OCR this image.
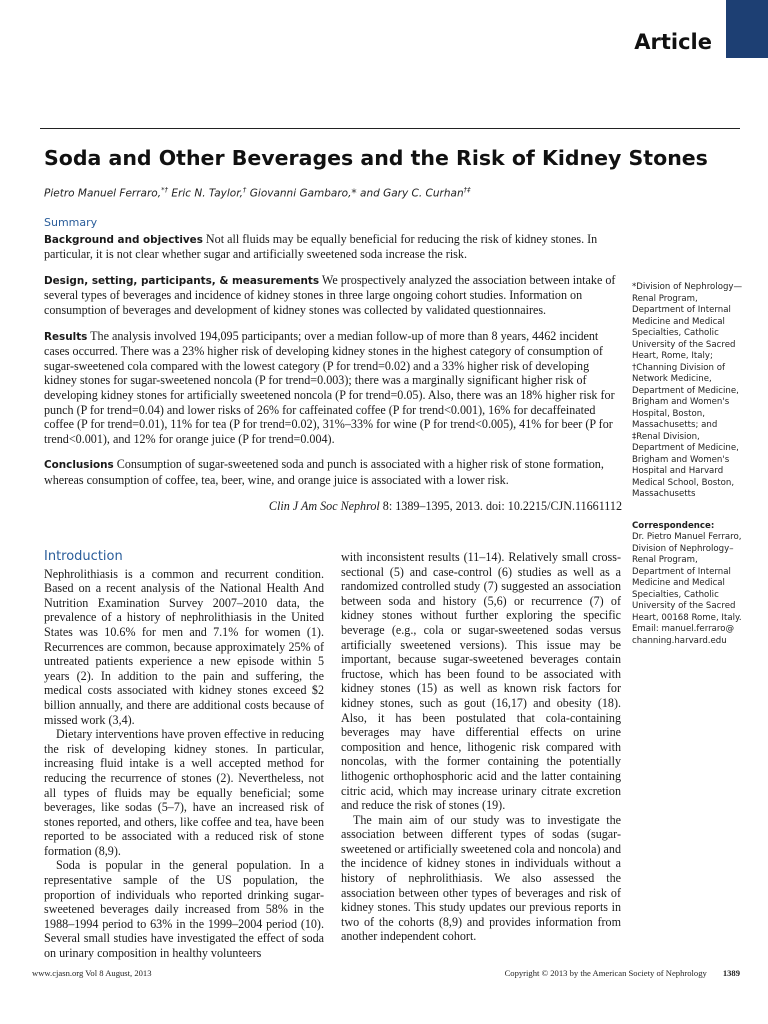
Article
Soda and Other Beverages and the Risk of Kidney Stones
Pietro Manuel Ferraro,*† Eric N. Taylor,† Giovanni Gambaro,* and Gary C. Curhan†‡
Summary

Background and objectives Not all fluids may be equally beneficial for reducing the risk of kidney stones. In particular, it is not clear whether sugar and artificially sweetened soda increase the risk.

Design, setting, participants, & measurements We prospectively analyzed the association between intake of several types of beverages and incidence of kidney stones in three large ongoing cohort studies. Information on consumption of beverages and development of kidney stones was collected by validated questionnaires.

Results The analysis involved 194,095 participants; over a median follow-up of more than 8 years, 4462 incident cases occurred. There was a 23% higher risk of developing kidney stones in the highest category of consumption of sugar-sweetened cola compared with the lowest category (P for trend=0.02) and a 33% higher risk of developing kidney stones for sugar-sweetened noncola (P for trend=0.003); there was a marginally significant higher risk of developing kidney stones for artificially sweetened noncola (P for trend=0.05). Also, there was an 18% higher risk for punch (P for trend=0.04) and lower risks of 26% for caffeinated coffee (P for trend<0.001), 16% for decaffeinated coffee (P for trend=0.01), 11% for tea (P for trend=0.02), 31%–33% for wine (P for trend<0.005), 41% for beer (P for trend<0.001), and 12% for orange juice (P for trend=0.004).

Conclusions Consumption of sugar-sweetened soda and punch is associated with a higher risk of stone formation, whereas consumption of coffee, tea, beer, wine, and orange juice is associated with a lower risk.

Clin J Am Soc Nephrol 8: 1389–1395, 2013. doi: 10.2215/CJN.11661112

*Division of Nephrology—Renal Program, Department of Internal Medicine and Medical Specialties, Catholic University of the Sacred Heart, Rome, Italy; †Channing Division of Network Medicine, Department of Medicine, Brigham and Women's Hospital, Boston, Massachusetts; and ‡Renal Division, Department of Medicine, Brigham and Women's Hospital and Harvard Medical School, Boston, Massachusetts

Correspondence:
Dr. Pietro Manuel Ferraro, Division of Nephrology–Renal Program, Department of Internal Medicine and Medical Specialties, Catholic University of the Sacred Heart, 00168 Rome, Italy. Email: manuel.ferraro@ channing.harvard.edu

Introduction

Nephrolithiasis is a common and recurrent condition. Based on a recent analysis of the National Health And Nutrition Examination Survey 2007–2010 data, the prevalence of a history of nephrolithiasis in the United States was 10.6% for men and 7.1% for women (1). Recurrences are common, because approximately 25% of untreated patients experience a new episode within 5 years (2). In addition to the pain and suffering, the medical costs associated with kidney stones exceed $2 billion annually, and there are additional costs because of missed work (3,4).

Dietary interventions have proven effective in reducing the risk of developing kidney stones. In particular, increasing fluid intake is a well accepted method for reducing the recurrence of stones (2). Nevertheless, not all types of fluids may be equally beneficial; some beverages, like sodas (5–7), have an increased risk of stones reported, and others, like coffee and tea, have been reported to be associated with a reduced risk of stone formation (8,9).

Soda is popular in the general population. In a representative sample of the US population, the proportion of individuals who reported drinking sugar-sweetened beverages daily increased from 58% in the 1988–1994 period to 63% in the 1999–2004 period (10). Several small studies have investigated the effect of soda on urinary composition in healthy volunteers

with inconsistent results (11–14). Relatively small cross-sectional (5) and case-control (6) studies as well as a randomized controlled study (7) suggested an association between soda and history (5,6) or recurrence (7) of kidney stones without further exploring the specific beverage (e.g., cola or sugar-sweetened sodas versus artificially sweetened versions). This issue may be important, because sugar-sweetened beverages contain fructose, which has been found to be associated with kidney stones (15) as well as known risk factors for kidney stones, such as gout (16,17) and obesity (18). Also, it has been postulated that cola-containing beverages may have differential effects on urine composition and hence, lithogenic risk compared with noncolas, with the former containing the potentially lithogenic orthophosphoric acid and the latter containing citric acid, which may increase urinary citrate excretion and reduce the risk of stones (19).

The main aim of our study was to investigate the association between different types of sodas (sugar-sweetened or artificially sweetened cola and noncola) and the incidence of kidney stones in individuals without a history of nephrolithiasis. We also assessed the association between other types of beverages and risk of kidney stones. This study updates our previous reports in two of the cohorts (8,9) and provides information from another independent cohort.

www.cjasn.org Vol 8 August, 2013	Copyright © 2013 by the American Society of Nephrology 1389
